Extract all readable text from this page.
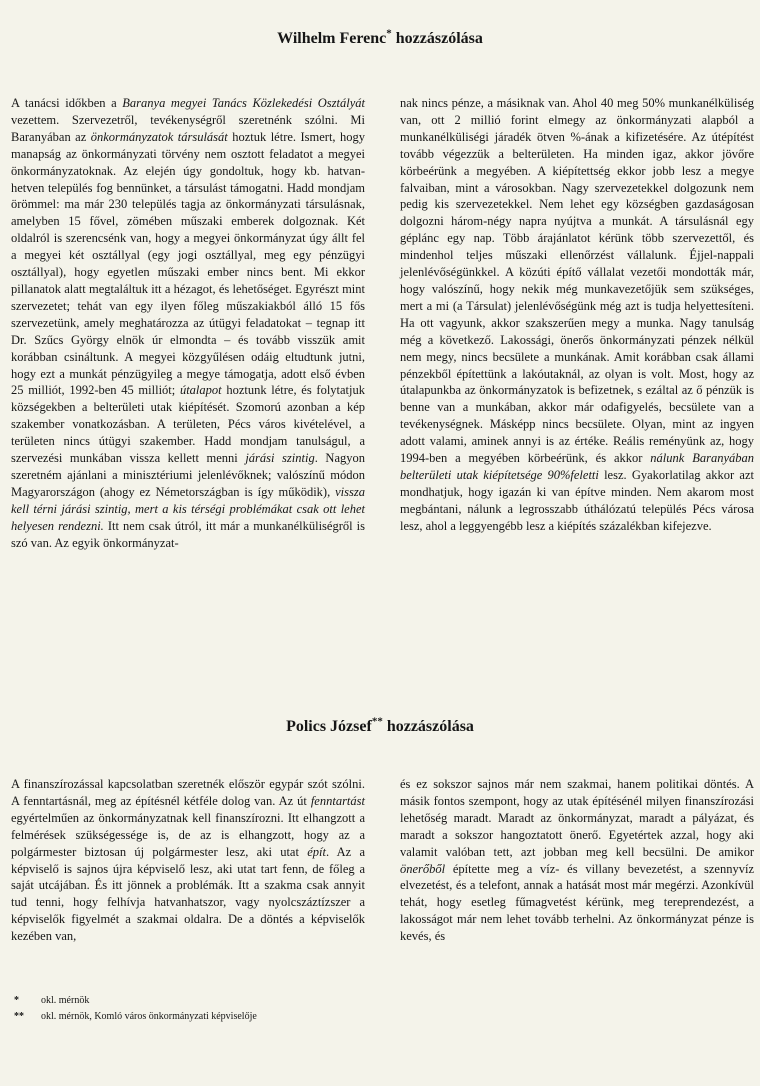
Wilhelm Ferenc* hozzászólása

A tanácsi időkben a Baranya megyei Tanács Közlekedési Osztályát vezettem. Szervezetről, tevékenységről szeretnénk szólni. Mi Baranyában az önkormányzatok társulását hoztuk létre. Ismert, hogy manapság az önkormányzati törvény nem osztott feladatot a megyei önkormányzatoknak. Az elején úgy gondoltuk, hogy kb. hatvan-hetven település fog bennünket, a társulást támogatni. Hadd mondjam örömmel: ma már 230 település tagja az önkormányzati társulásnak, amelyben 15 fővel, zömében műszaki emberek dolgoznak. Két oldalról is szerencsénk van, hogy a megyei önkormányzat úgy állt fel a megyei két osztállyal (egy jogi osztállyal, meg egy pénzügyi osztállyal), hogy egyetlen műszaki ember nincs bent. Mi ekkor pillanatok alatt megtaláltuk itt a hézagot, és lehetőséget. Egyrészt mint szervezetet; tehát van egy ilyen főleg műszakiakból álló 15 fős szervezetünk, amely meghatározza az útügyi feladatokat – tegnap itt Dr. Szűcs György elnök úr elmondta – és tovább visszük amit korábban csináltunk. A megyei közgyűlésen odáig eltudtunk jutni, hogy ezt a munkát pénzügyileg a megye támogatja, adott első évben 25 milliót, 1992-ben 45 milliót; útalapot hoztunk létre, és folytatjuk községekben a belterületi utak kiépítését. Szomorú azonban a kép szakember vonatkozásban. A területen, Pécs város kivételével, a területen nincs útügyi szakember. Hadd mondjam tanulságul, a szervezési munkában vissza kellett menni járási szintig. Nagyon szeretném ajánlani a minisztériumi jelenlévőknek; valószínű módon Magyarországon (ahogy ez Németországban is így működik), vissza kell térni járási szintig, mert a kis térségi problémákat csak ott lehet helyesen rendezni. Itt nem csak útról, itt már a munkanélküliségről is szó van. Az egyik önkormányzat-

nak nincs pénze, a másiknak van. Ahol 40 meg 50% munkanélküliség van, ott 2 millió forint elmegy az önkormányzati alapból a munkanélküliségi járadék ötven %-ának a kifizetésére. Az útépítést tovább végezzük a belterületen. Ha minden igaz, akkor jövőre körbeérünk a megyében. A kiépítettség ekkor jobb lesz a megye falvaiban, mint a városokban. Nagy szervezetekkel dolgozunk nem pedig kis szervezetekkel. Nem lehet egy községben gazdaságosan dolgozni három-négy napra nyújtva a munkát. A társulásnál egy géplánc egy nap. Több árajánlatot kérünk több szervezettől, és mindenhol teljes műszaki ellenőrzést vállalunk. Éjjel-nappali jelenlévőségünkkel. A közúti építő vállalat vezetői mondották már, hogy valószínű, hogy nekik még munkavezetőjük sem szükséges, mert a mi (a Társulat) jelenlévőségünk még azt is tudja helyettesíteni. Ha ott vagyunk, akkor szakszerűen megy a munka. Nagy tanulság még a következő. Lakossági, önerős önkormányzati pénzek nélkül nem megy, nincs becsülete a munkának. Amit korábban csak állami pénzekből építettünk a lakóutaknál, az olyan is volt. Most, hogy az útalapunkba az önkormányzatok is befizetnek, s ezáltal az ő pénzük is benne van a munkában, akkor már odafigyelés, becsülete van a tevékenységnek. Másképp nincs becsülete. Olyan, mint az ingyen adott valami, aminek annyi is az értéke. Reális reményünk az, hogy 1994-ben a megyében körbeérünk, és akkor nálunk Baranyában belterületi utak kiépítetsége 90%feletti lesz. Gyakorlatilag akkor azt mondhatjuk, hogy igazán ki van építve minden. Nem akarom most megbántani, nálunk a legrosszabb úthálózatú település Pécs városa lesz, ahol a leggyengébb lesz a kiépítés százalékban kifejezve.

Polics József** hozzászólása

A finanszírozással kapcsolatban szeretnék először egypár szót szólni. A fenntartásnál, meg az építésnél kétféle dolog van. Az út fenntartást egyértelműen az önkormányzatnak kell finanszírozni. Itt elhangzott a felmérések szükségessége is, de az is elhangzott, hogy az a polgármester biztosan új polgármester lesz, aki utat épít. Az a képviselő is sajnos újra képviselő lesz, aki utat tart fenn, de főleg a saját utcájában. És itt jönnek a problémák. Itt a szakma csak annyit tud tenni, hogy felhívja hatvanhatszor, vagy nyolcszáztízszer a képviselők figyelmét a szakmai oldalra. De a döntés a képviselők kezében van,

és ez sokszor sajnos már nem szakmai, hanem politikai döntés. A másik fontos szempont, hogy az utak építésénél milyen finanszírozási lehetőség maradt. Maradt az önkormányzat, maradt a pályázat, és maradt a sokszor hangoztatott önerő. Egyetértek azzal, hogy aki valamit valóban tett, azt jobban meg kell becsülni. De amikor önerőből építette meg a víz- és villany bevezetést, a szennyvíz elvezetést, és a telefont, annak a hatását most már megérzi. Azonkívül tehát, hogy esetleg fűmagvetést kérünk, meg tereprendezést, a lakosságot már nem lehet tovább terhelni. Az önkormányzat pénze is kevés, és

*	okl. mérnök
**	okl. mérnök, Komló város önkormányzati képviselője
